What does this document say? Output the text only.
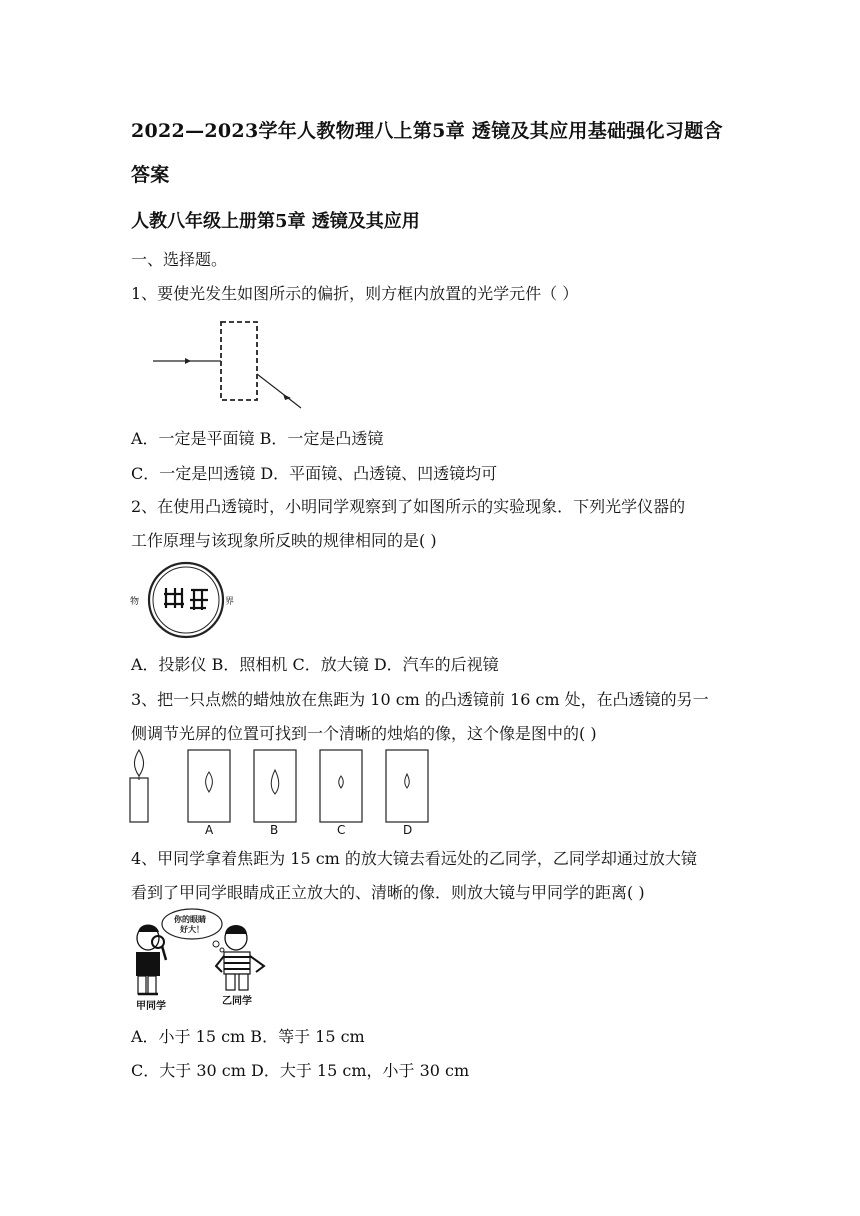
2022—2023学年人教物理八上第5章 透镜及其应用基础强化习题含
答案
人教八年级上册第5章 透镜及其应用
一、选择题。
1、要使光发生如图所示的偏折，则方框内放置的光学元件（ ）
A．一定是平面镜 B．一定是凸透镜
C．一定是凹透镜 D．平面镜、凸透镜、凹透镜均可
2、在使用凸透镜时，小明同学观察到了如图所示的实验现象．下列光学仪器的
工作原理与该现象所反映的规律相同的是( )
物	界
A．投影仪 B．照相机 C．放大镜 D．汽车的后视镜
3、把一只点燃的蜡烛放在焦距为 10 cm 的凸透镜前 16 cm 处，在凸透镜的另一
侧调节光屏的位置可找到一个清晰的烛焰的像，这个像是图中的( )
A	B	C	D
4、甲同学拿着焦距为 15 cm 的放大镜去看远处的乙同学，乙同学却通过放大镜
看到了甲同学眼睛成正立放大的、清晰的像．则放大镜与甲同学的距离( )
你的眼睛
好大！
甲同学	乙同学
A．小于 15 cm B．等于 15 cm
C．大于 30 cm D．大于 15 cm，小于 30 cm
